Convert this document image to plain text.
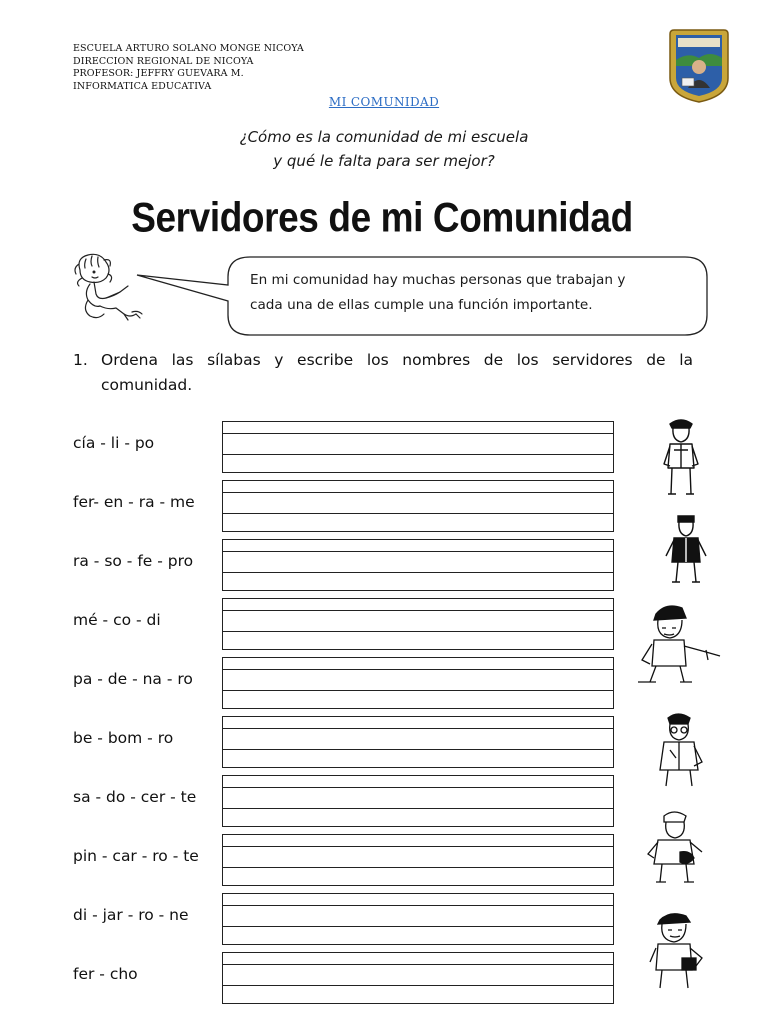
ESCUELA ARTURO SOLANO MONGE NICOYA
DIRECCION REGIONAL DE NICOYA
PROFESOR: JEFFRY GUEVARA M.
INFORMATICA EDUCATIVA
MI COMUNIDAD
¿Cómo es la comunidad de mi escuela
y qué le falta para ser mejor?
Servidores de mi Comunidad
En mi comunidad hay muchas personas que trabajan y
cada una de ellas cumple una función importante.
1. Ordena las sílabas y escribe los nombres de los servidores de la comunidad.
cía - li - po
fer- en - ra - me
ra - so - fe - pro
mé - co - di
pa - de - na - ro
be - bom - ro
sa - do - cer - te
pin - car - ro - te
di - jar - ro - ne
fer - cho
